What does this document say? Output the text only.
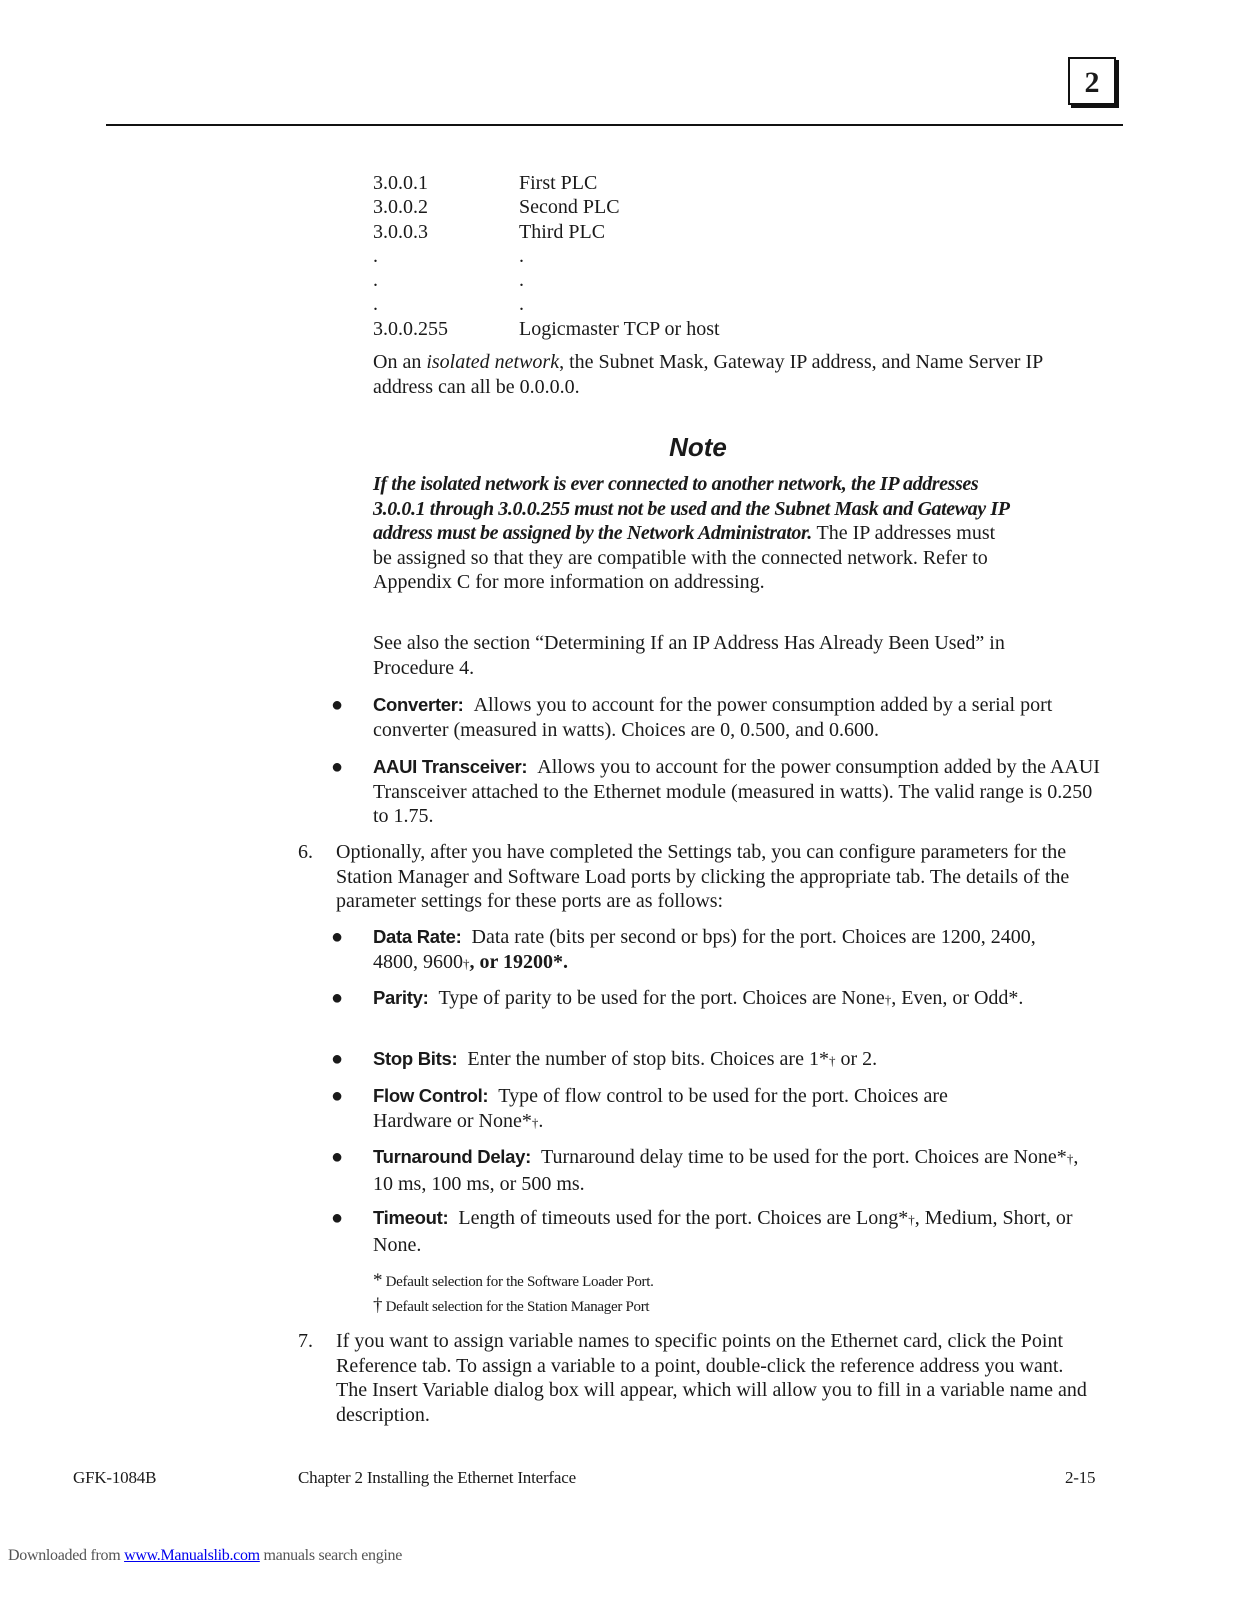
2
3.0.0.1	First PLC
3.0.0.2	Second PLC
3.0.0.3	Third PLC
.	.
.	.
.	.
3.0.0.255	Logicmaster TCP or host
On an isolated network, the Subnet Mask, Gateway IP address, and Name Server IP address can all be 0.0.0.0.
Note
If the isolated network is ever connected to another network, the IP addresses 3.0.0.1 through 3.0.0.255 must not be used and the Subnet Mask and Gateway IP address must be assigned by the Network Administrator. The IP addresses must be assigned so that they are compatible with the connected network. Refer to Appendix C for more information on addressing.
See also the section “Determining If an IP Address Has Already Been Used” in Procedure 4.
●	Converter: Allows you to account for the power consumption added by a serial port converter (measured in watts). Choices are 0, 0.500, and 0.600.
●	AAUI Transceiver: Allows you to account for the power consumption added by the AAUI Transceiver attached to the Ethernet module (measured in watts). The valid range is 0.250 to 1.75.
6. Optionally, after you have completed the Settings tab, you can configure parameters for the Station Manager and Software Load ports by clicking the appropriate tab. The details of the parameter settings for these ports are as follows:
●	Data Rate: Data rate (bits per second or bps) for the port. Choices are 1200, 2400, 4800, 9600†, or 19200*.
●	Parity: Type of parity to be used for the port. Choices are None†, Even, or Odd*.
●	Stop Bits: Enter the number of stop bits. Choices are 1*† or 2.
●	Flow Control: Type of flow control to be used for the port. Choices are Hardware or None*†.
●	Turnaround Delay: Turnaround delay time to be used for the port. Choices are None*†, 10 ms, 100 ms, or 500 ms.
●	Timeout: Length of timeouts used for the port. Choices are Long*†, Medium, Short, or None.
* Default selection for the Software Loader Port.
† Default selection for the Station Manager Port
7. If you want to assign variable names to specific points on the Ethernet card, click the Point Reference tab. To assign a variable to a point, double-click the reference address you want. The Insert Variable dialog box will appear, which will allow you to fill in a variable name and description.
GFK-1084B	Chapter 2 Installing the Ethernet Interface	2-15
Downloaded from www.Manualslib.com manuals search engine
